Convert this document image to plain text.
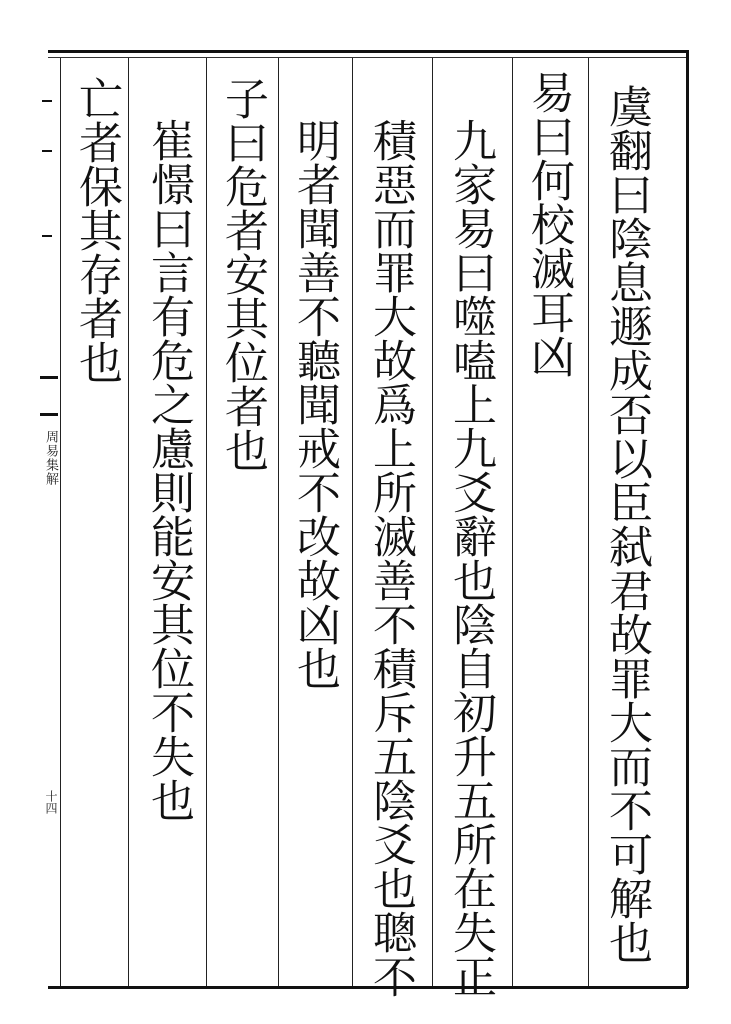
周易集解
十四	虞翻曰陰息遯成否以臣弑君故罪大而不可解也
易曰何校滅耳凶
九家易曰噬嗑上九爻辭也陰自初升五所在失正
積惡而罪大故爲上所滅善不積斥五陰爻也聰不
明者聞善不聽聞戒不改故凶也
子曰危者安其位者也
崔憬曰言有危之慮則能安其位不失也
亡者保其存者也
